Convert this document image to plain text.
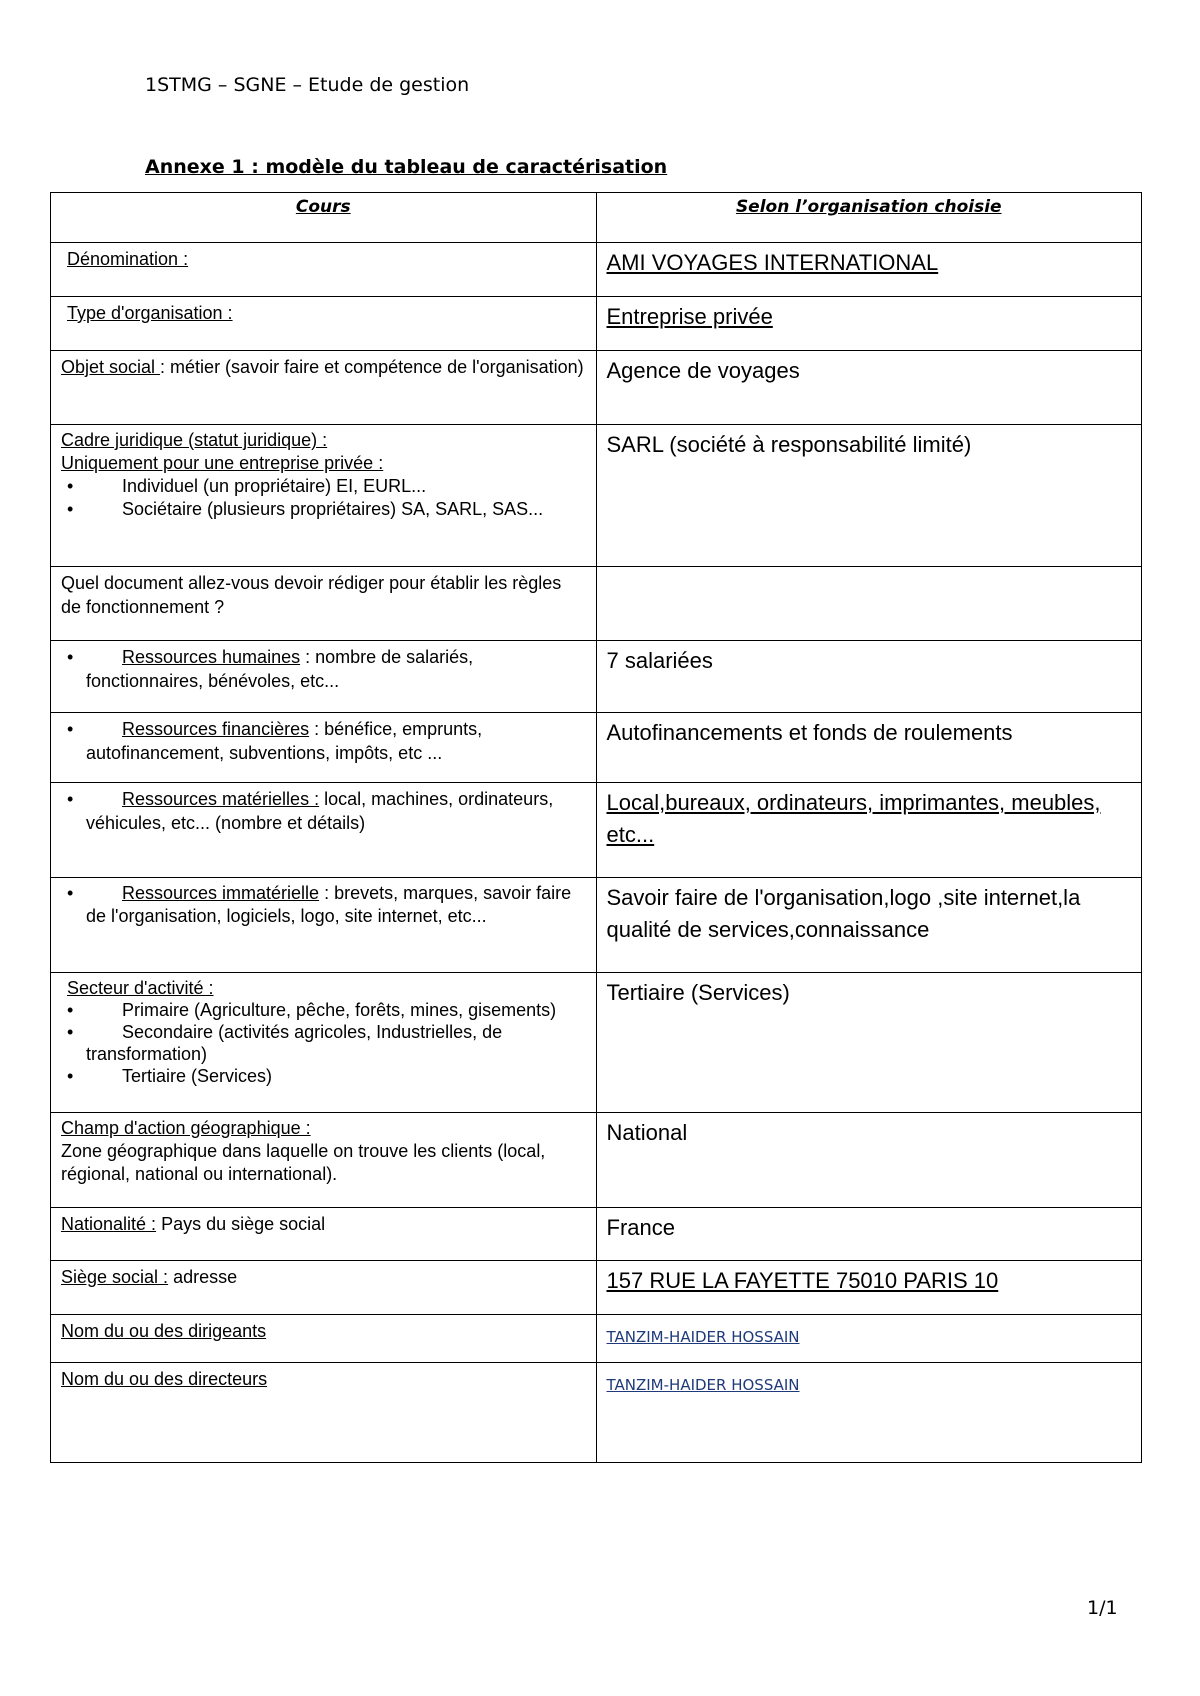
1STMG – SGNE – Etude de gestion
Annexe 1 : modèle du tableau de caractérisation
Cours	Selon l’organisation choisie
Dénomination :	AMI VOYAGES INTERNATIONAL
Type d'organisation :	Entreprise privée
Objet social : métier (savoir faire et compétence de l'organisation)	Agence de voyages
Cadre juridique (statut juridique) :
Uniquement pour une entreprise privée :
• Individuel (un propriétaire) EI, EURL...
• Sociétaire (plusieurs propriétaires) SA, SARL, SAS...	SARL (société à responsabilité limité)
Quel document allez-vous devoir rédiger pour établir les règles de fonctionnement ?	

• Ressources humaines : nombre de salariés, fonctionnaires, bénévoles, etc...	7 salariées

• Ressources financières : bénéfice, emprunts, autofinancement, subventions, impôts, etc ...	Autofinancements et fonds de roulements

• Ressources matérielles : local, machines, ordinateurs, véhicules, etc... (nombre et détails)	Local,bureaux, ordinateurs, imprimantes, meubles, etc...

• Ressources immatérielle : brevets, marques, savoir faire de l'organisation, logiciels, logo, site internet, etc...	Savoir faire de l'organisation,logo ,site internet,la qualité de services,connaissance
Secteur d'activité :
• Primaire (Agriculture, pêche, forêts, mines, gisements)
• Secondaire (activités agricoles, Industrielles, de transformation)
• Tertiaire (Services)	Tertiaire (Services)
Champ d'action géographique :
Zone géographique dans laquelle on trouve les clients (local, régional, national ou international).	National
Nationalité : Pays du siège social	France
Siège social : adresse	157 RUE LA FAYETTE 75010 PARIS 10
Nom du ou des dirigeants	TANZIM-HAIDER HOSSAIN
Nom du ou des directeurs	TANZIM-HAIDER HOSSAIN
1/1
